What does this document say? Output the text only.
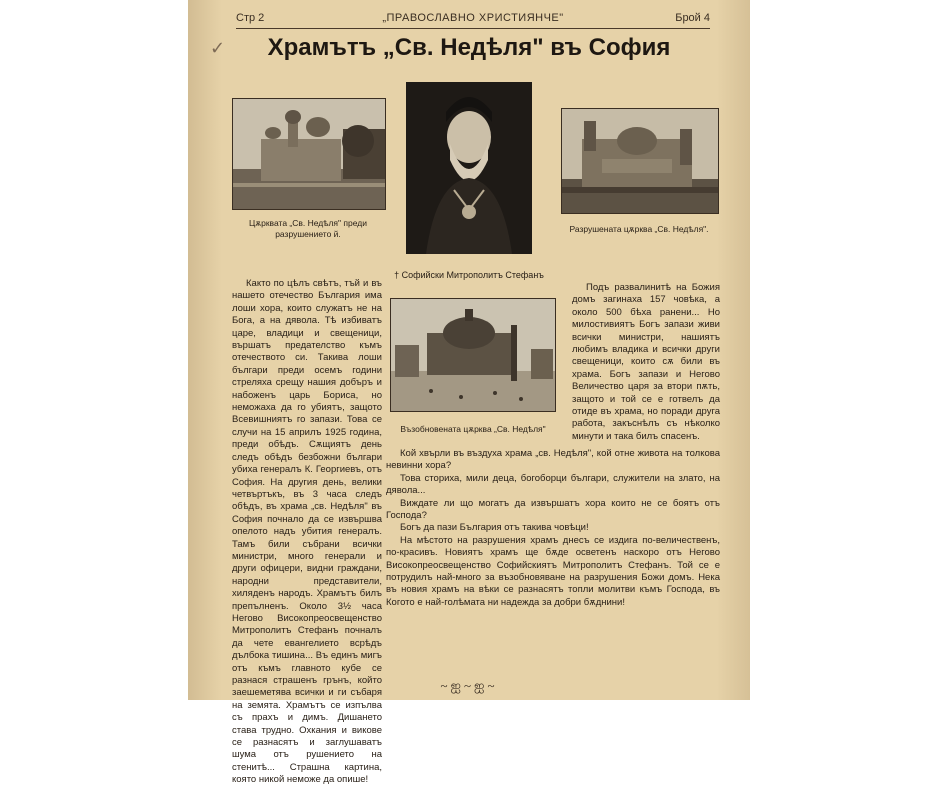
✓
Стр 2	„ПРАВОСЛАВНО ХРИСТИЯНЧЕ"	Брой 4
Храмътъ „Св. Недѣля" въ София
Цѫрквата „Св. Недѣля" преди разрушението й.
† Софийски Митрополитъ Стефанъ
Разрушената цѫрква „Св. Недѣля".
Възобновената цѫрква „Св. Недѣля"

Както по цѣлъ свѣтъ, тъй и въ нашето отечество България има лоши хора, които служатъ не на Бога, а на дявола. Тѣ избиватъ царе, владици и свещеници, вършатъ предателство къмъ отечеството си. Такива лоши българи преди осемъ години стреляха срещу нашия добъръ и набоженъ царь Бориса, но неможаха да го убиятъ, защото Всевишниятъ го запази. Това се случи на 15 априлъ 1925 година, преди обѣдъ. Сѫщиятъ день следъ обѣдъ безбожни българи убиха генералъ К. Георгиевъ, отъ София. На другия день, велики четвъртъкъ, въ 3 часа следъ обѣдъ, въ храма „св. Недѣля" въ София почнало да се извършва опелото надъ убития генералъ. Тамъ били събрани всички министри, много генерали и други офицери, видни граждани, народни представители, хиляденъ народъ. Храмътъ билъ препълненъ. Около 3½ часа Негово Високопреосвещенство Митрополитъ Стефанъ почналъ да чете евангелието всрѣдъ дълбока тишина... Въ единъ мигъ отъ къмъ главното кубе се разнася страшенъ грънъ, който заешеметява всички и ги събаря на земята. Храмътъ се изпълва съ прахъ и димъ. Дишането става трудно. Охкания и викове се разнасятъ и заглушаватъ шума отъ рушението на стенитѣ... Страшна картина, която никой неможе да опише!

Подъ развалинитѣ на Божия домъ загинаха 157 човѣка, а около 500 бѣха ранени... Но милостивиятъ Богъ запази живи всички министри, нашиятъ любимъ владика и всички други свещеници, които сѫ били въ храма. Богъ запази и Негово Величество царя за втори пѫть, защото и той се е готвелъ да отиде въ храма, но поради друга работа, закъснѣлъ съ нѣколко минути и така билъ спасенъ.

Кой хвърли въ въздуха храма „св. Недѣля", кой отне живота на толкова невинни хора?

Това сториха, мили деца, богоборци българи, служители на злато, на дявола...

Виждате ли що могатъ да извършатъ хора които не се боятъ отъ Господа?

Богъ да пази България отъ такива човѣци!

На мѣстото на разрушения храмъ днесъ се издига по-величественъ, по-красивъ. Новиятъ храмъ ще бѫде осветенъ наскоро отъ Негово Високопреосвещенство Софийскиятъ Митрополитъ Стефанъ. Той се е потрудилъ най-много за възобновяване на разрушения Божи домъ. Нека въ новия храмъ на вѣки се разнасятъ топли молитви къмъ Господа, въ Когото е най-голѣмата ни надежда за добри бѫднини!

~ஐ~ஐ~
